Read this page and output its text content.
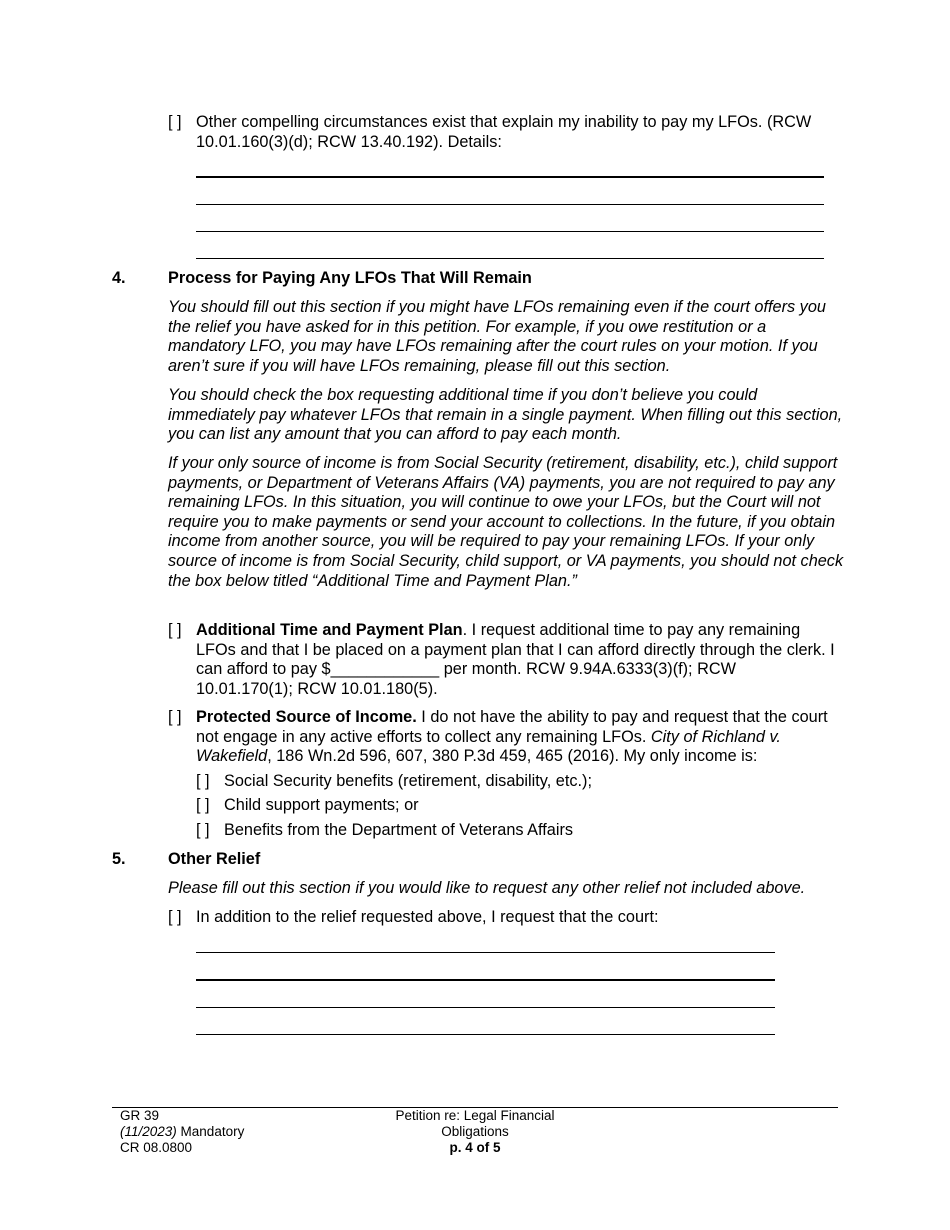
[ ] Other compelling circumstances exist that explain my inability to pay my LFOs. (RCW 10.01.160(3)(d); RCW 13.40.192). Details:
4.	Process for Paying Any LFOs That Will Remain
You should fill out this section if you might have LFOs remaining even if the court offers you the relief you have asked for in this petition. For example, if you owe restitution or a mandatory LFO, you may have LFOs remaining after the court rules on your motion. If you aren’t sure if you will have LFOs remaining, please fill out this section.
You should check the box requesting additional time if you don’t believe you could immediately pay whatever LFOs that remain in a single payment. When filling out this section, you can list any amount that you can afford to pay each month.
If your only source of income is from Social Security (retirement, disability, etc.), child support payments, or Department of Veterans Affairs (VA) payments, you are not required to pay any remaining LFOs. In this situation, you will continue to owe your LFOs, but the Court will not require you to make payments or send your account to collections. In the future, if you obtain income from another source, you will be required to pay your remaining LFOs. If your only source of income is from Social Security, child support, or VA payments, you should not check the box below titled “Additional Time and Payment Plan.”
[ ] Additional Time and Payment Plan. I request additional time to pay any remaining LFOs and that I be placed on a payment plan that I can afford directly through the clerk. I can afford to pay $____________ per month. RCW 9.94A.6333(3)(f); RCW 10.01.170(1); RCW 10.01.180(5).
[ ] Protected Source of Income. I do not have the ability to pay and request that the court not engage in any active efforts to collect any remaining LFOs. City of Richland v. Wakefield, 186 Wn.2d 596, 607, 380 P.3d 459, 465 (2016). My only income is:
[ ] Social Security benefits (retirement, disability, etc.);
[ ] Child support payments; or
[ ] Benefits from the Department of Veterans Affairs
5.	Other Relief
Please fill out this section if you would like to request any other relief not included above.
[ ] In addition to the relief requested above, I request that the court:
GR 39
(11/2023) Mandatory
CR 08.0800
Petition re: Legal Financial
Obligations
p. 4 of 5
